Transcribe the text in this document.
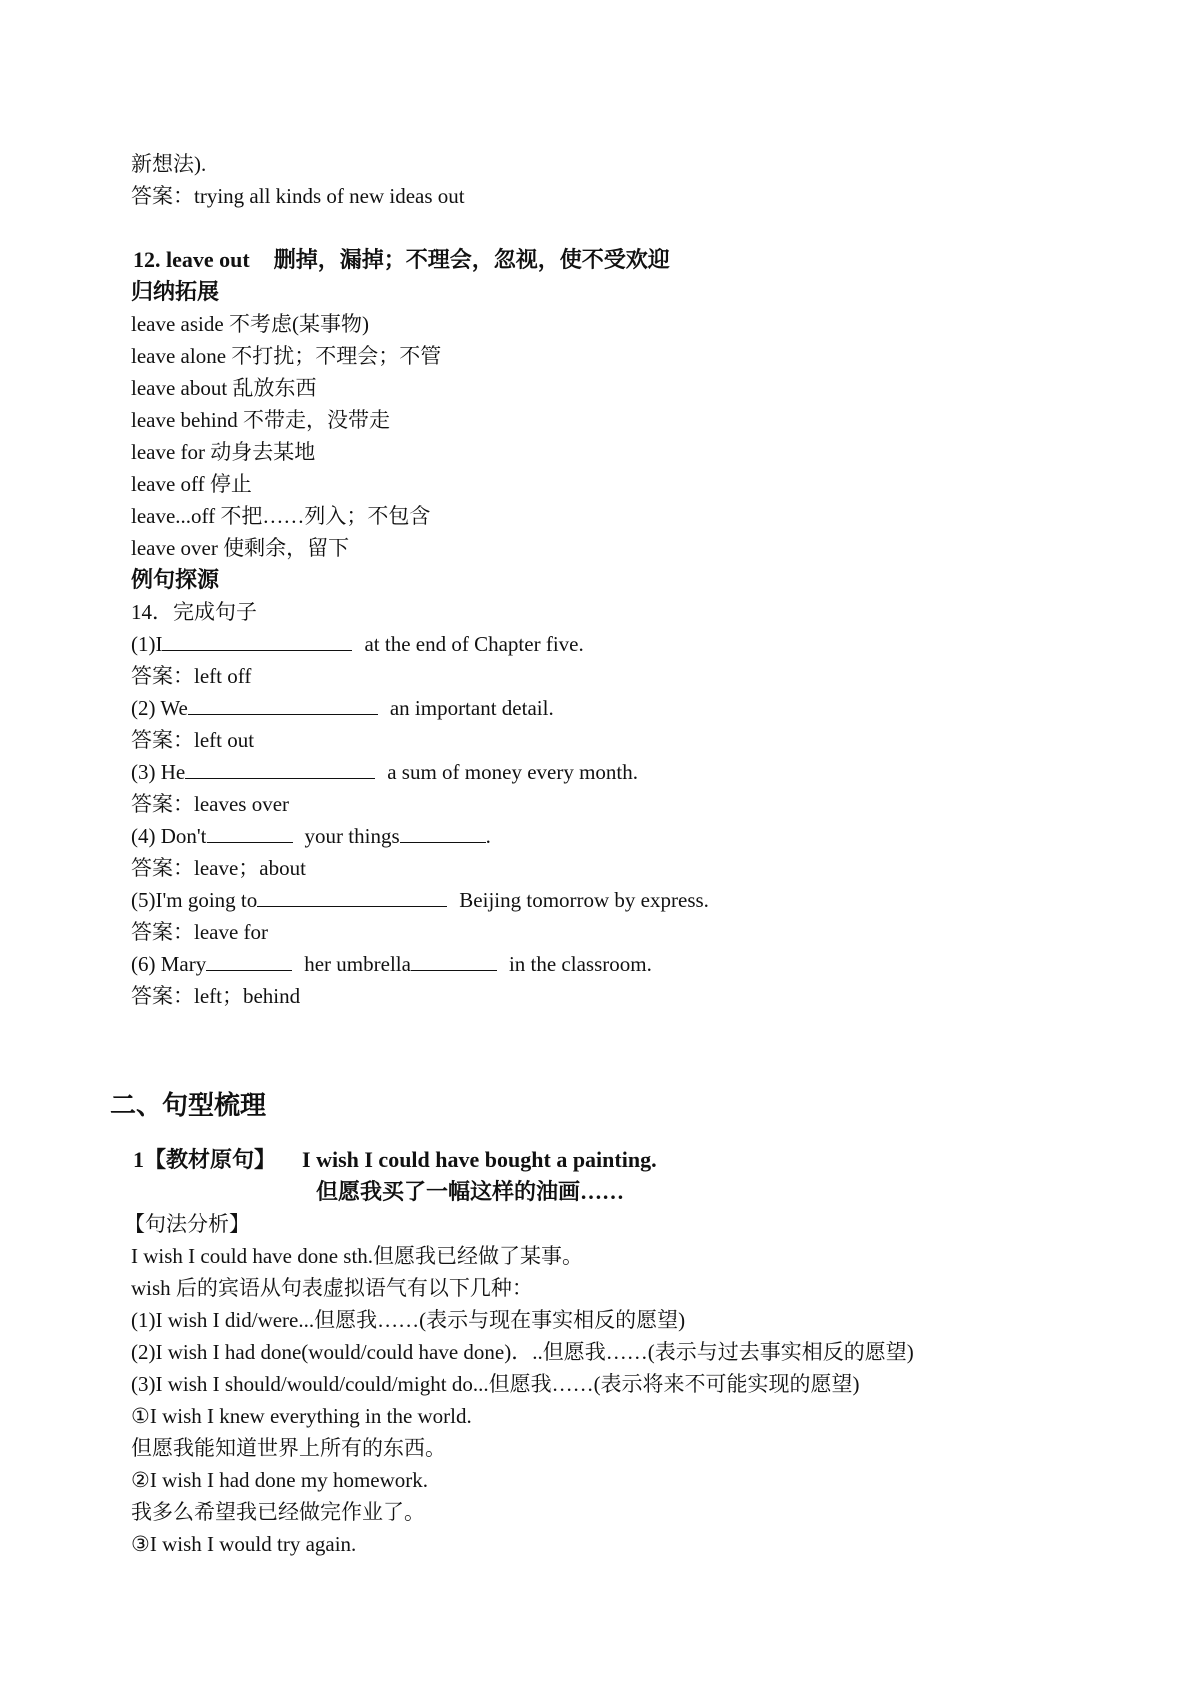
新想法).
答案：trying all kinds of new ideas out
12. leave out 删掉，漏掉；不理会，忽视，使不受欢迎
归纳拓展
leave aside 不考虑(某事物)
leave alone 不打扰；不理会；不管
leave about 乱放东西
leave behind 不带走，没带走
leave for 动身去某地
leave off 停止
leave...off 不把……列入；不包含
leave over 使剩余，留下
例句探源
14．完成句子
(1)I	at the end of Chapter five.
答案：left off
(2) We	an important detail.
答案：left out
(3) He	a sum of money every month.
答案：leaves over
(4) Don't	your things	.
答案：leave；about
(5)I'm going to	Beijing tomorrow by express.
答案：leave for
(6) Mary	her umbrella	in the classroom.
答案：left；behind
二、句型梳理
1【教材原句】 I wish I could have bought a painting.
但愿我买了一幅这样的油画……
【句法分析】
I wish I could have done sth.但愿我已经做了某事。
wish 后的宾语从句表虚拟语气有以下几种：
(1)I wish I did/were...但愿我……(表示与现在事实相反的愿望)
(2)I wish I had done(would/could have done)．..但愿我……(表示与过去事实相反的愿望)
(3)I wish I should/would/could/might do...但愿我……(表示将来不可能实现的愿望)
①I wish I knew everything in the world.
但愿我能知道世界上所有的东西。
②I wish I had done my homework.
我多么希望我已经做完作业了。
③I wish I would try again.
